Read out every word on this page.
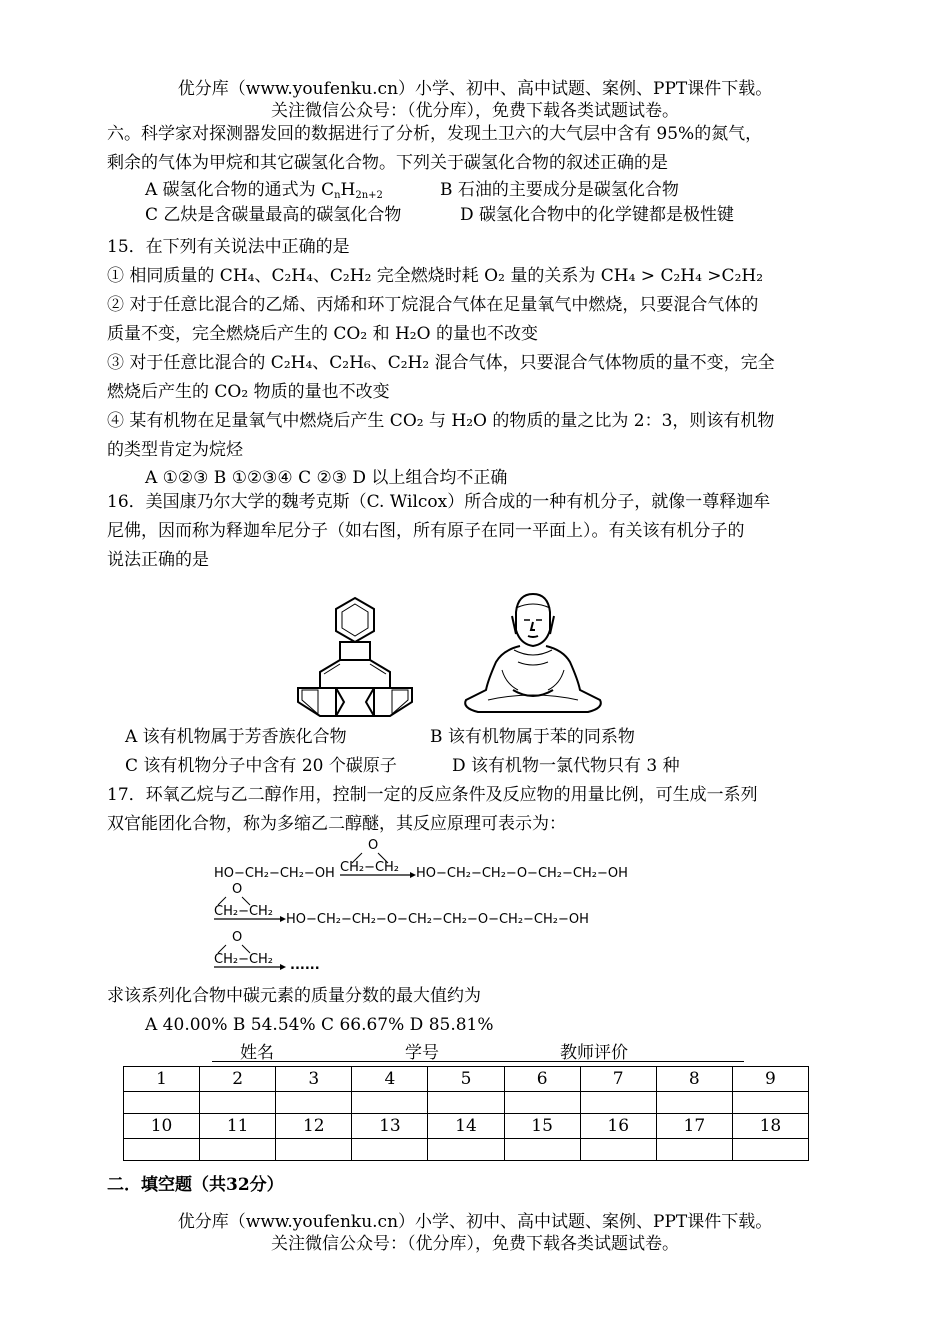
优分库（www.youfenku.cn）小学、初中、高中试题、案例、PPT课件下载。
关注微信公众号：（优分库），免费下载各类试题试卷。
六。科学家对探测器发回的数据进行了分析，发现土卫六的大气层中含有 95%的氮气，
剩余的气体为甲烷和其它碳氢化合物。下列关于碳氢化合物的叙述正确的是
A 碳氢化合物的通式为 $C_nH_{2n+2}$	B 石油的主要成分是碳氢化合物
C 乙炔是含碳量最高的碳氢化合物	D 碳氢化合物中的化学键都是极性键
15．在下列有关说法中正确的是
① 相同质量的 CH₄、C₂H₄、C₂H₂ 完全燃烧时耗 O₂ 量的关系为 CH₄ > C₂H₄ >C₂H₂
② 对于任意比混合的乙烯、丙烯和环丁烷混合气体在足量氧气中燃烧，只要混合气体的
质量不变，完全燃烧后产生的 CO₂ 和 H₂O 的量也不改变
③ 对于任意比混合的 C₂H₄、C₂H₆、C₂H₂ 混合气体，只要混合气体物质的量不变，完全
燃烧后产生的 CO₂ 物质的量也不改变
④ 某有机物在足量氧气中燃烧后产生 CO₂ 与 H₂O 的物质的量之比为 2：3，则该有机物
的类型肯定为烷烃
A ①②③ B ①②③④ C ②③ D 以上组合均不正确
16．美国康乃尔大学的魏考克斯（C. Wilcox）所合成的一种有机分子，就像一尊释迦牟
尼佛，因而称为释迦牟尼分子（如右图，所有原子在同一平面上）。有关该有机分子的
说法正确的是
A 该有机物属于芳香族化合物	B 该有机物属于苯的同系物
C 该有机物分子中含有 20 个碳原子	D 该有机物一氯代物只有 3 种
17．环氧乙烷与乙二醇作用，控制一定的反应条件及反应物的用量比例，可生成一系列
双官能团化合物，称为多缩乙二醇醚，其反应原理可表示为：
HO−CH₂−CH₂−OH
O
CH₂−CH₂ HO−CH₂−CH₂−O−CH₂−CH₂−OH
O
CH₂−CH₂
HO−CH₂−CH₂−O−CH₂−CH₂−O−CH₂−CH₂−OH
O
CH₂−CH₂ ......
求该系列化合物中碳元素的质量分数的最大值约为
A 40.00% B 54.54% C 66.67% D 85.81%
姓名	学号	教师评价
1	2	3	4	5	6	7	8	9

10	11	12	13	14	15	16	17	18

二．填空题（共32分）
优分库（www.youfenku.cn）小学、初中、高中试题、案例、PPT课件下载。
关注微信公众号：（优分库），免费下载各类试题试卷。
